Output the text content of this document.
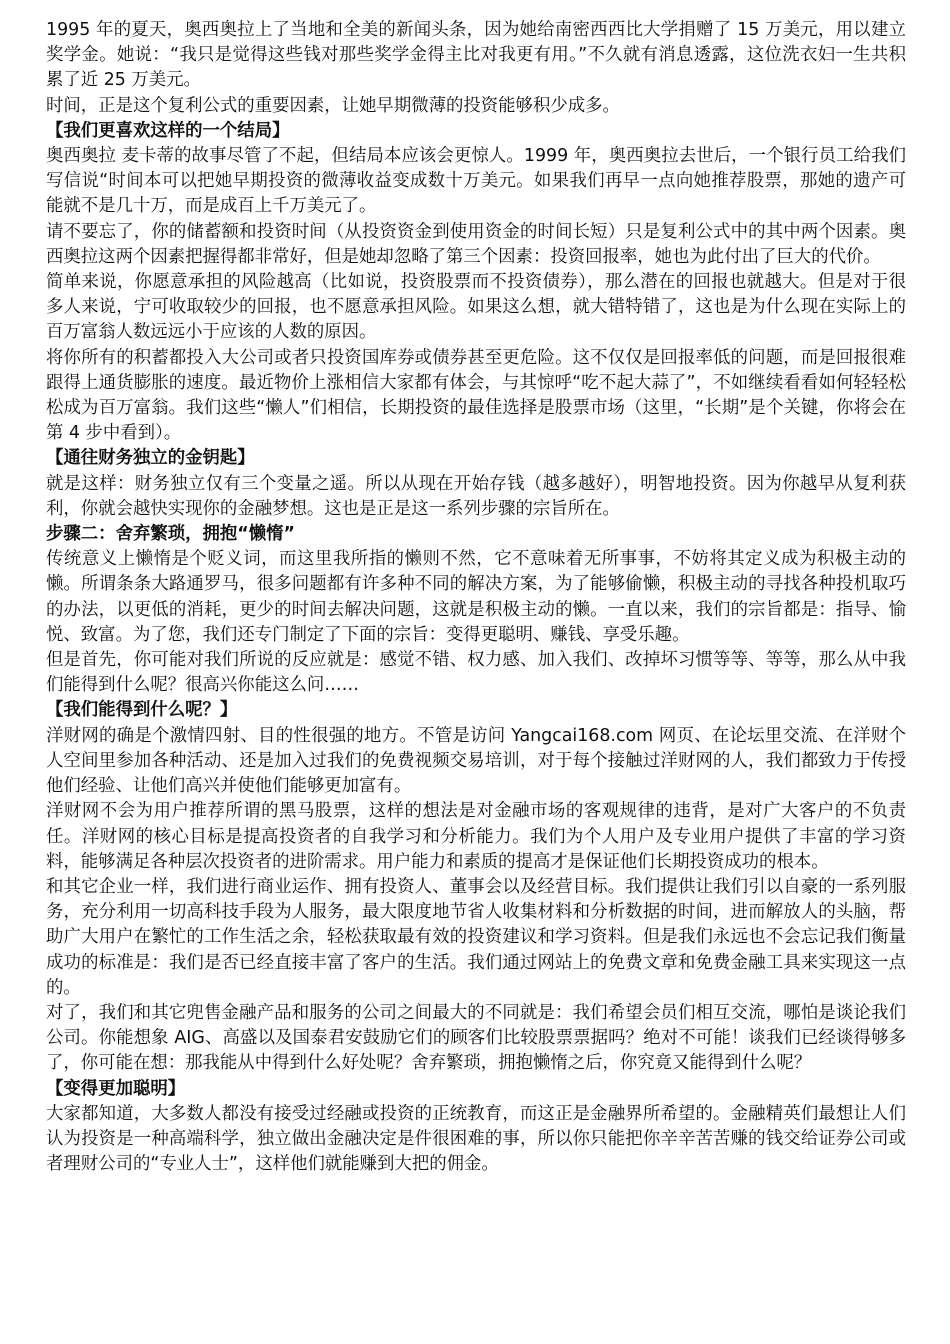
1995 年的夏天，奥西奥拉上了当地和全美的新闻头条，因为她给南密西西比大学捐赠了 15 万美元，用以建立奖学金。她说：“我只是觉得这些钱对那些奖学金得主比对我更有用。”不久就有消息透露，这位洗衣妇一生共积累了近 25 万美元。

时间，正是这个复利公式的重要因素，让她早期微薄的投资能够积少成多。

【我们更喜欢这样的一个结局】

奥西奥拉 麦卡蒂的故事尽管了不起，但结局本应该会更惊人。1999 年，奥西奥拉去世后，一个银行员工给我们写信说“时间本可以把她早期投资的微薄收益变成数十万美元。如果我们再早一点向她推荐股票，那她的遗产可能就不是几十万，而是成百上千万美元了。

请不要忘了，你的储蓄额和投资时间（从投资资金到使用资金的时间长短）只是复利公式中的其中两个因素。奥西奥拉这两个因素把握得都非常好，但是她却忽略了第三个因素：投资回报率，她也为此付出了巨大的代价。

简单来说，你愿意承担的风险越高（比如说，投资股票而不投资债券），那么潜在的回报也就越大。但是对于很多人来说，宁可收取较少的回报，也不愿意承担风险。如果这么想，就大错特错了，这也是为什么现在实际上的百万富翁人数远远小于应该的人数的原因。

将你所有的积蓄都投入大公司或者只投资国库券或债券甚至更危险。这不仅仅是回报率低的问题，而是回报很难跟得上通货膨胀的速度。最近物价上涨相信大家都有体会，与其惊呼“吃不起大蒜了”，不如继续看看如何轻轻松松成为百万富翁。我们这些“懒人”们相信，长期投资的最佳选择是股票市场（这里，“长期”是个关键，你将会在第 4 步中看到）。

【通往财务独立的金钥匙】

就是这样：财务独立仅有三个变量之遥。所以从现在开始存钱（越多越好），明智地投资。因为你越早从复利获利，你就会越快实现你的金融梦想。这也是正是这一系列步骤的宗旨所在。

步骤二：舍弃繁琐，拥抱“懒惰”

传统意义上懒惰是个贬义词，而这里我所指的懒则不然，它不意味着无所事事，不妨将其定义成为积极主动的懒。所谓条条大路通罗马，很多问题都有许多种不同的解决方案，为了能够偷懒，积极主动的寻找各种投机取巧的办法，以更低的消耗，更少的时间去解决问题，这就是积极主动的懒。一直以来，我们的宗旨都是：指导、愉悦、致富。为了您，我们还专门制定了下面的宗旨：变得更聪明、赚钱、享受乐趣。

但是首先，你可能对我们所说的反应就是：感觉不错、权力感、加入我们、改掉坏习惯等等、等等，那么从中我们能得到什么呢？很高兴你能这么问……

【我们能得到什么呢？】

洋财网的确是个激情四射、目的性很强的地方。不管是访问 Yangcai168.com 网页、在论坛里交流、在洋财个人空间里参加各种活动、还是加入过我们的免费视频交易培训，对于每个接触过洋财网的人，我们都致力于传授他们经验、让他们高兴并使他们能够更加富有。

洋财网不会为用户推荐所谓的黑马股票，这样的想法是对金融市场的客观规律的违背，是对广大客户的不负责任。洋财网的核心目标是提高投资者的自我学习和分析能力。我们为个人用户及专业用户提供了丰富的学习资料，能够满足各种层次投资者的进阶需求。用户能力和素质的提高才是保证他们长期投资成功的根本。

和其它企业一样，我们进行商业运作、拥有投资人、董事会以及经营目标。我们提供让我们引以自豪的一系列服务，充分利用一切高科技手段为人服务，最大限度地节省人收集材料和分析数据的时间，进而解放人的头脑，帮助广大用户在繁忙的工作生活之余，轻松获取最有效的投资建议和学习资料。但是我们永远也不会忘记我们衡量成功的标准是：我们是否已经直接丰富了客户的生活。我们通过网站上的免费文章和免费金融工具来实现这一点的。

对了，我们和其它兜售金融产品和服务的公司之间最大的不同就是：我们希望会员们相互交流，哪怕是谈论我们公司。你能想象 AIG、高盛以及国泰君安鼓励它们的顾客们比较股票票据吗？绝对不可能！谈我们已经谈得够多了，你可能在想：那我能从中得到什么好处呢？舍弃繁琐，拥抱懒惰之后，你究竟又能得到什么呢？

【变得更加聪明】

大家都知道，大多数人都没有接受过经融或投资的正统教育，而这正是金融界所希望的。金融精英们最想让人们认为投资是一种高端科学，独立做出金融决定是件很困难的事，所以你只能把你辛辛苦苦赚的钱交给证券公司或者理财公司的“专业人士”，这样他们就能赚到大把的佣金。
